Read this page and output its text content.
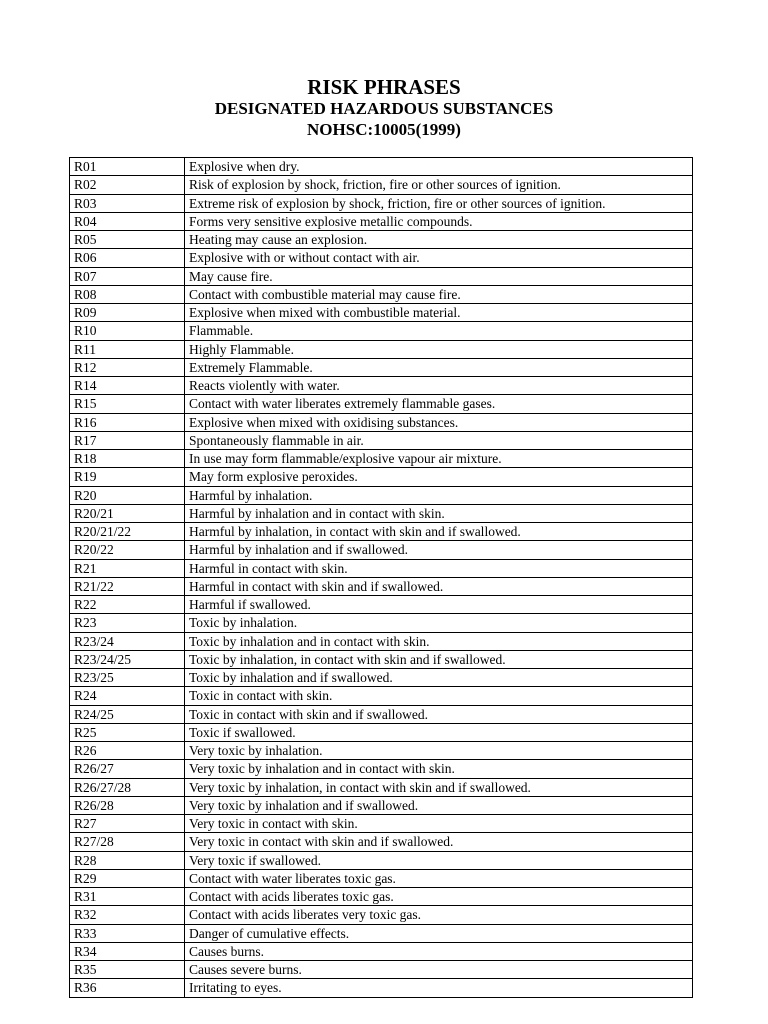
RISK PHRASES

DESIGNATED HAZARDOUS SUBSTANCES

NOHSC:10005(1999)

R01	Explosive when dry.
R02	Risk of explosion by shock, friction, fire or other sources of ignition.
R03	Extreme risk of explosion by shock, friction, fire or other sources of ignition.
R04	Forms very sensitive explosive metallic compounds.
R05	Heating may cause an explosion.
R06	Explosive with or without contact with air.
R07	May cause fire.
R08	Contact with combustible material may cause fire.
R09	Explosive when mixed with combustible material.
R10	Flammable.
R11	Highly Flammable.
R12	Extremely Flammable.
R14	Reacts violently with water.
R15	Contact with water liberates extremely flammable gases.
R16	Explosive when mixed with oxidising substances.
R17	Spontaneously flammable in air.
R18	In use may form flammable/explosive vapour air mixture.
R19	May form explosive peroxides.
R20	Harmful by inhalation.
R20/21	Harmful by inhalation and in contact with skin.
R20/21/22	Harmful by inhalation, in contact with skin and if swallowed.
R20/22	Harmful by inhalation and if swallowed.
R21	Harmful in contact with skin.
R21/22	Harmful in contact with skin and if swallowed.
R22	Harmful if swallowed.
R23	Toxic by inhalation.
R23/24	Toxic by inhalation and in contact with skin.
R23/24/25	Toxic by inhalation, in contact with skin and if swallowed.
R23/25	Toxic by inhalation and if swallowed.
R24	Toxic in contact with skin.
R24/25	Toxic in contact with skin and if swallowed.
R25	Toxic if swallowed.
R26	Very toxic by inhalation.
R26/27	Very toxic by inhalation and in contact with skin.
R26/27/28	Very toxic by inhalation, in contact with skin and if swallowed.
R26/28	Very toxic by inhalation and if swallowed.
R27	Very toxic in contact with skin.
R27/28	Very toxic in contact with skin and if swallowed.
R28	Very toxic if swallowed.
R29	Contact with water liberates toxic gas.
R31	Contact with acids liberates toxic gas.
R32	Contact with acids liberates very toxic gas.
R33	Danger of cumulative effects.
R34	Causes burns.
R35	Causes severe burns.
R36	Irritating to eyes.
